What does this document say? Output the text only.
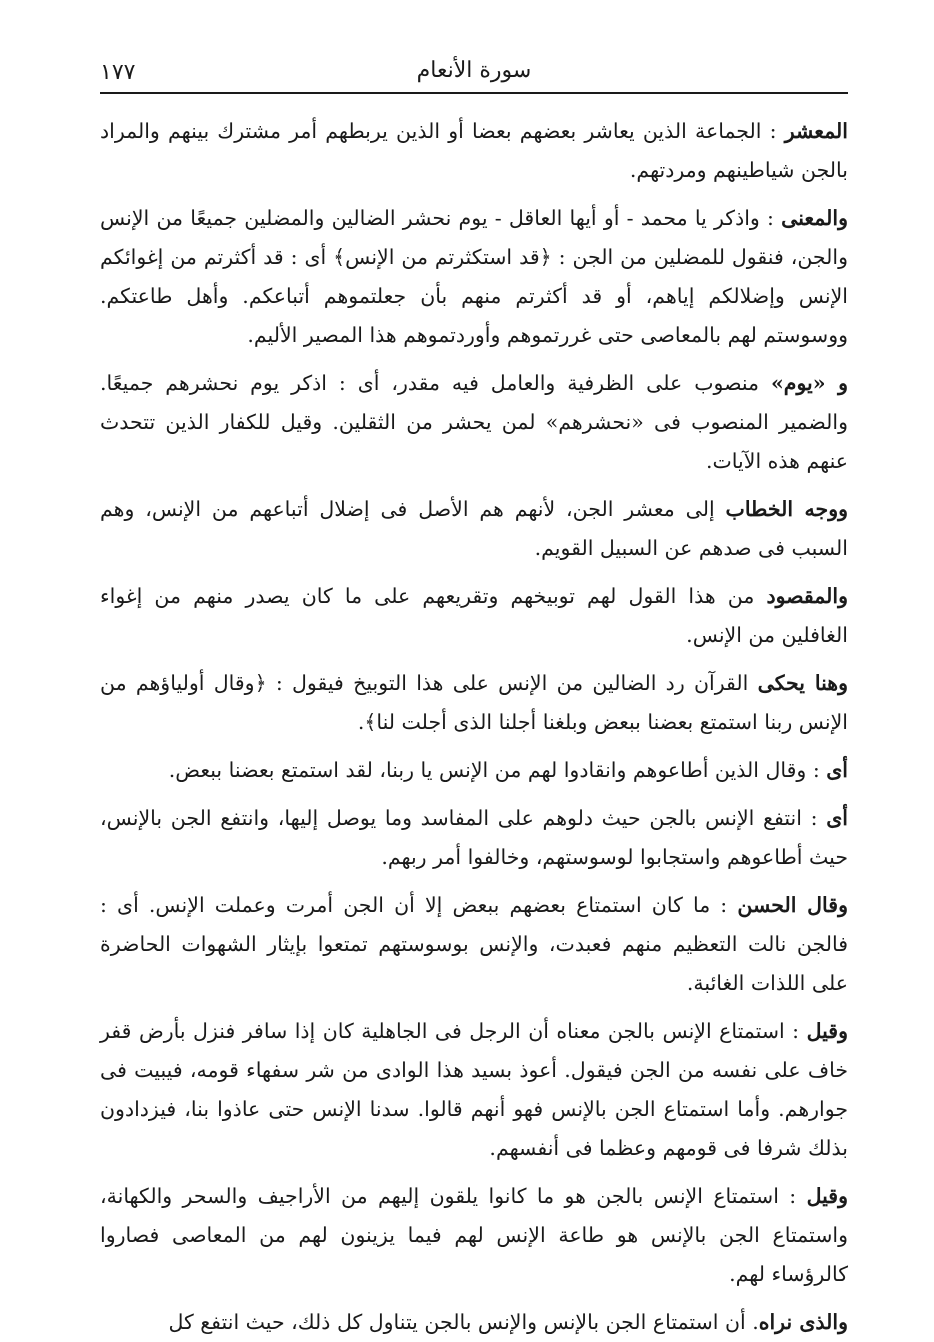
سورة الأنعام
١٧٧

المعشر : الجماعة الذين يعاشر بعضهم بعضا أو الذين يربطهم أمر مشترك بينهم والمراد بالجن شياطينهم ومردتهم.

والمعنى : واذكر يا محمد - أو أيها العاقل - يوم نحشر الضالين والمضلين جميعًا من الإنس والجن، فنقول للمضلين من الجن : ﴿قد استكثرتم من الإنس﴾ أى : قد أكثرتم من إغوائكم الإنس وإضلالكم إياهم، أو قد أكثرتم منهم بأن جعلتموهم أتباعكم. وأهل طاعتكم. ووسوستم لهم بالمعاصى حتى غررتموهم وأوردتموهم هذا المصير الأليم.

و «يوم» منصوب على الظرفية والعامل فيه مقدر، أى : اذكر يوم نحشرهم جميعًا. والضمير المنصوب فى «نحشرهم» لمن يحشر من الثقلين. وقيل للكفار الذين تتحدث عنهم هذه الآيات.

ووجه الخطاب إلى معشر الجن، لأنهم هم الأصل فى إضلال أتباعهم من الإنس، وهم السبب فى صدهم عن السبيل القويم.

والمقصود من هذا القول لهم توبيخهم وتقريعهم على ما كان يصدر منهم من إغواء الغافلين من الإنس.

وهنا يحكى القرآن رد الضالين من الإنس على هذا التوبيخ فيقول : ﴿وقال أولياؤهم من الإنس ربنا استمتع بعضنا ببعض وبلغنا أجلنا الذى أجلت لنا﴾.

أى : وقال الذين أطاعوهم وانقادوا لهم من الإنس يا ربنا، لقد استمتع بعضنا ببعض.

أى : انتفع الإنس بالجن حيث دلوهم على المفاسد وما يوصل إليها، وانتفع الجن بالإنس، حيث أطاعوهم واستجابوا لوسوستهم، وخالفوا أمر ربهم.

وقال الحسن : ما كان استمتاع بعضهم ببعض إلا أن الجن أمرت وعملت الإنس. أى : فالجن نالت التعظيم منهم فعبدت، والإنس بوسوستهم تمتعوا بإيثار الشهوات الحاضرة على اللذات الغائبة.

وقيل : استمتاع الإنس بالجن معناه أن الرجل فى الجاهلية كان إذا سافر فنزل بأرض قفر خاف على نفسه من الجن فيقول. أعوذ بسيد هذا الوادى من شر سفهاء قومه، فيبيت فى جوارهم. وأما استمتاع الجن بالإنس فهو أنهم قالوا. سدنا الإنس حتى عاذوا بنا، فيزدادون بذلك شرفا فى قومهم وعظما فى أنفسهم.

وقيل : استمتاع الإنس بالجن هو ما كانوا يلقون إليهم من الأراجيف والسحر والكهانة، واستمتاع الجن بالإنس هو طاعة الإنس لهم فيما يزينون لهم من المعاصى فصاروا كالرؤساء لهم.

والذى نراه. أن استمتاع الجن بالإنس والإنس بالجن يتناول كل ذلك، حيث انتفع كل
